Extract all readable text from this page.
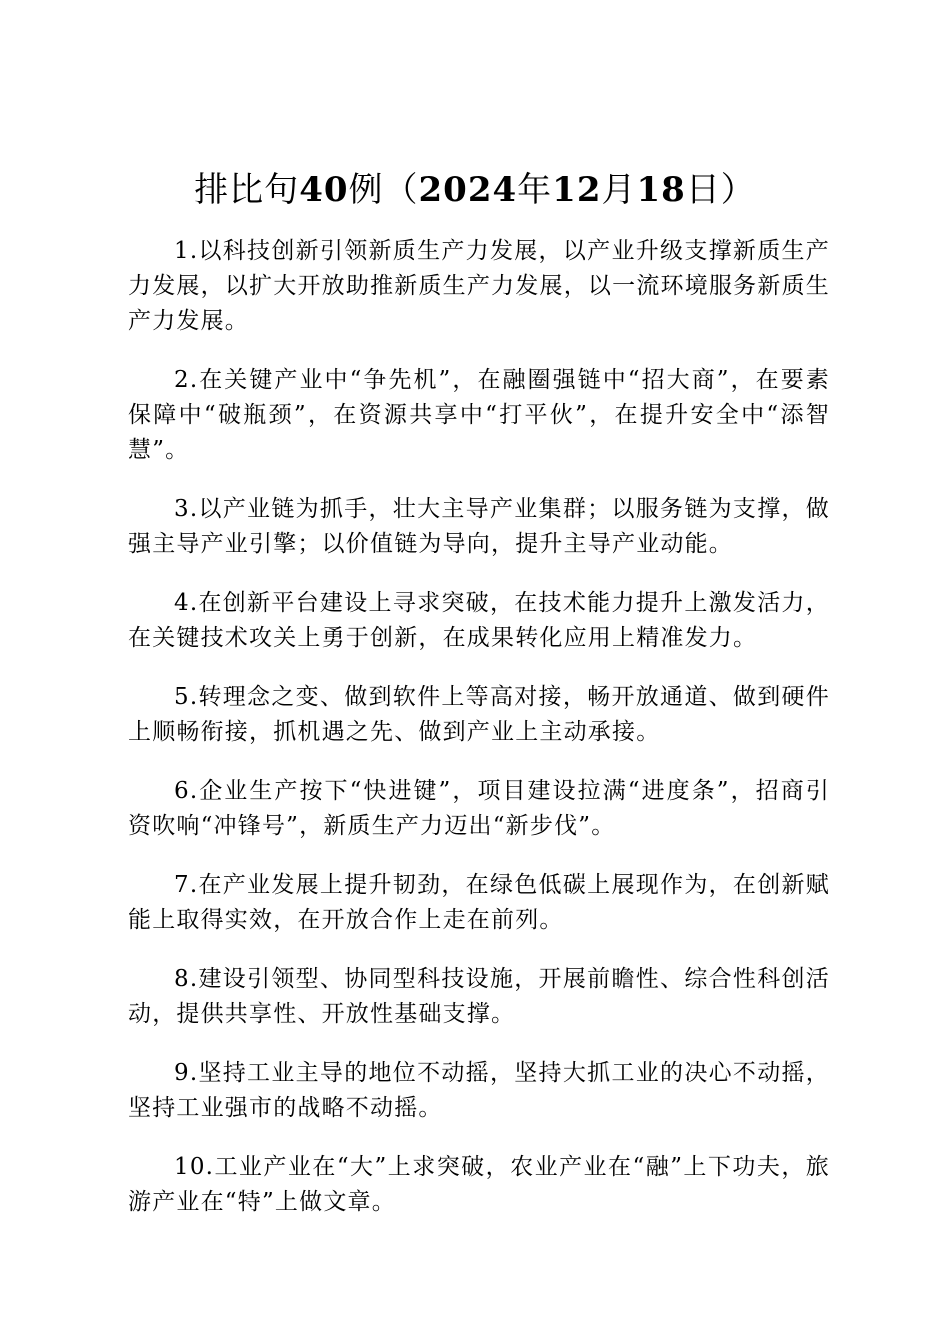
排比句40例（2024年12月18日）

1.以科技创新引领新质生产力发展，以产业升级支撑新质生产力发展，以扩大开放助推新质生产力发展，以一流环境服务新质生产力发展。

2.在关键产业中“争先机”，在融圈强链中“招大商”，在要素保障中“破瓶颈”，在资源共享中“打平伙”，在提升安全中“添智慧”。

3.以产业链为抓手，壮大主导产业集群；以服务链为支撑，做强主导产业引擎；以价值链为导向，提升主导产业动能。

4.在创新平台建设上寻求突破，在技术能力提升上激发活力，在关键技术攻关上勇于创新，在成果转化应用上精准发力。

5.转理念之变、做到软件上等高对接，畅开放通道、做到硬件上顺畅衔接，抓机遇之先、做到产业上主动承接。

6.企业生产按下“快进键”，项目建设拉满“进度条”，招商引资吹响“冲锋号”，新质生产力迈出“新步伐”。

7.在产业发展上提升韧劲，在绿色低碳上展现作为，在创新赋能上取得实效，在开放合作上走在前列。

8.建设引领型、协同型科技设施，开展前瞻性、综合性科创活动，提供共享性、开放性基础支撑。

9.坚持工业主导的地位不动摇，坚持大抓工业的决心不动摇，坚持工业强市的战略不动摇。

10.工业产业在“大”上求突破，农业产业在“融”上下功夫，旅游产业在“特”上做文章。
